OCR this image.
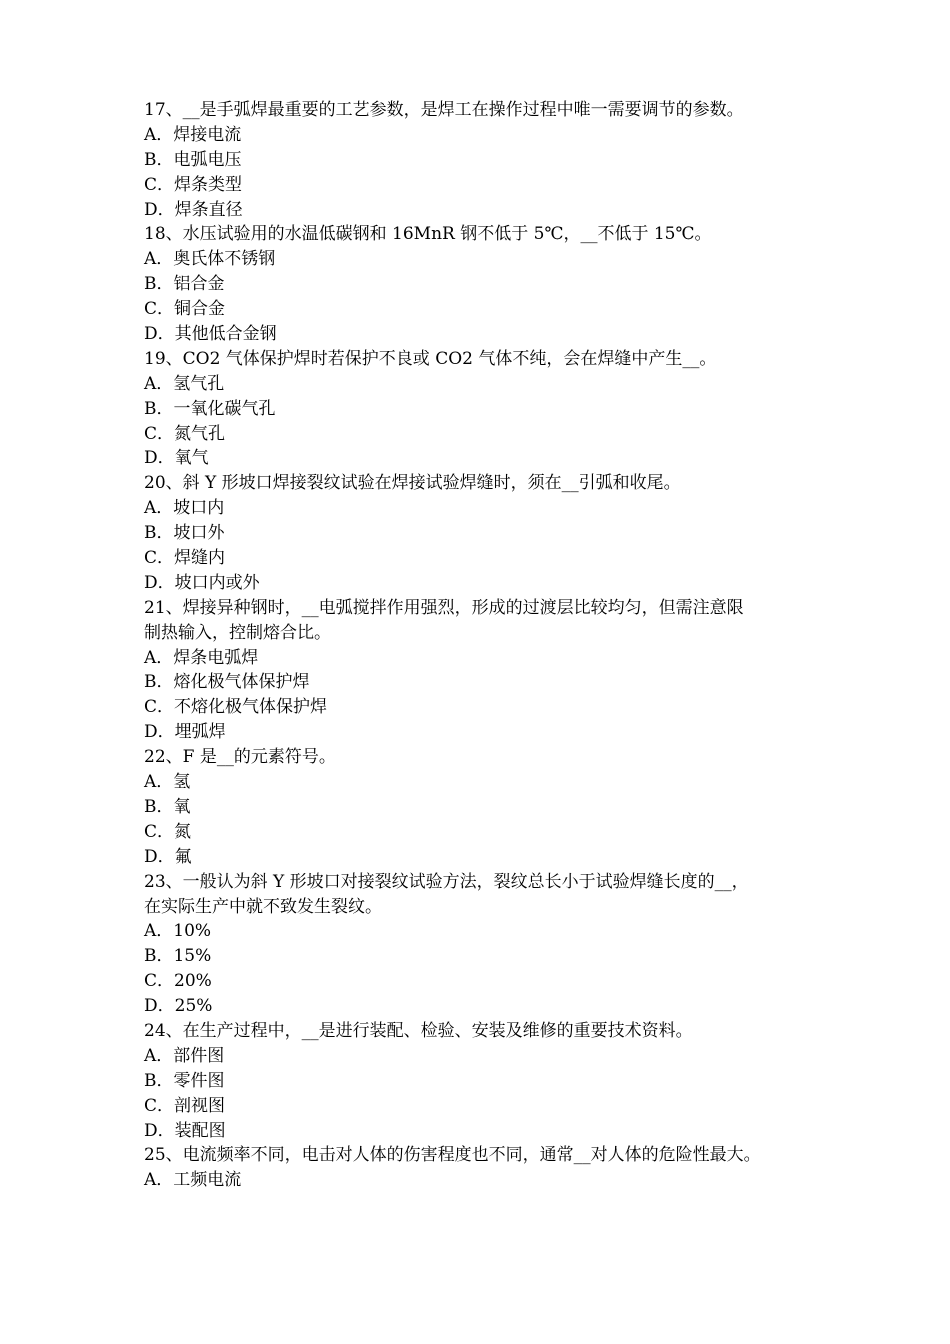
17、__是手弧焊最重要的工艺参数，是焊工在操作过程中唯一需要调节的参数。
A．焊接电流
B．电弧电压
C．焊条类型
D．焊条直径
18、水压试验用的水温低碳钢和 16MnR 钢不低于 5℃，__不低于 15℃。
A．奥氏体不锈钢
B．铝合金
C．铜合金
D．其他低合金钢
19、CO2 气体保护焊时若保护不良或 CO2 气体不纯，会在焊缝中产生__。
A．氢气孔
B．一氧化碳气孔
C．氮气孔
D．氧气
20、斜 Y 形坡口焊接裂纹试验在焊接试验焊缝时，须在__引弧和收尾。
A．坡口内
B．坡口外
C．焊缝内
D．坡口内或外
21、焊接异种钢时，__电弧搅拌作用强烈，形成的过渡层比较均匀，但需注意限
制热输入，控制熔合比。
A．焊条电弧焊
B．熔化极气体保护焊
C．不熔化极气体保护焊
D．埋弧焊
22、F 是__的元素符号。
A．氢
B．氧
C．氮
D．氟
23、一般认为斜 Y 形坡口对接裂纹试验方法，裂纹总长小于试验焊缝长度的__，
在实际生产中就不致发生裂纹。
A．10%
B．15%
C．20%
D．25%
24、在生产过程中，__是进行装配、检验、安装及维修的重要技术资料。
A．部件图
B．零件图
C．剖视图
D．装配图
25、电流频率不同，电击对人体的伤害程度也不同，通常__对人体的危险性最大。
A．工频电流
